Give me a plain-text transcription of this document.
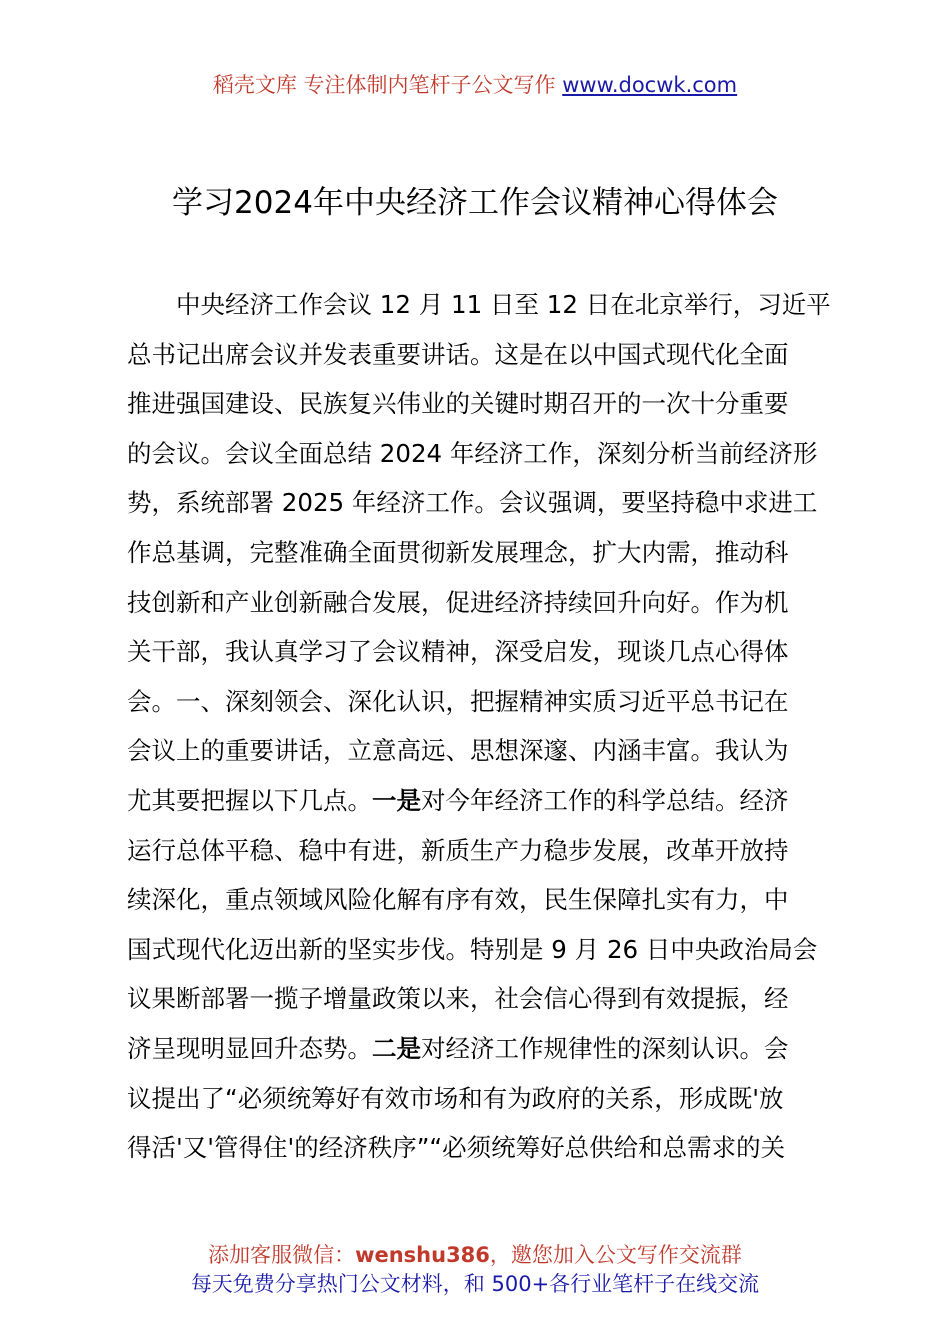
稻壳文库 专注体制内笔杆子公文写作 www.docwk.com
学习2024年中央经济工作会议精神心得体会
中央经济工作会议 12 月 11 日至 12 日在北京举行，习近平
总书记出席会议并发表重要讲话。这是在以中国式现代化全面
推进强国建设、民族复兴伟业的关键时期召开的一次十分重要
的会议。会议全面总结 2024 年经济工作，深刻分析当前经济形
势，系统部署 2025 年经济工作。会议强调，要坚持稳中求进工
作总基调，完整准确全面贯彻新发展理念，扩大内需，推动科
技创新和产业创新融合发展，促进经济持续回升向好。作为机
关干部，我认真学习了会议精神，深受启发，现谈几点心得体
会。一、深刻领会、深化认识，把握精神实质习近平总书记在
会议上的重要讲话，立意高远、思想深邃、内涵丰富。我认为
尤其要把握以下几点。一是对今年经济工作的科学总结。经济
运行总体平稳、稳中有进，新质生产力稳步发展，改革开放持
续深化，重点领域风险化解有序有效，民生保障扎实有力，中
国式现代化迈出新的坚实步伐。特别是 9 月 26 日中央政治局会
议果断部署一揽子增量政策以来，社会信心得到有效提振，经
济呈现明显回升态势。二是对经济工作规律性的深刻认识。会
议提出了“必须统筹好有效市场和有为政府的关系，形成既'放
得活'又'管得住'的经济秩序”“必须统筹好总供给和总需求的关
添加客服微信：wenshu386，邀您加入公文写作交流群
每天免费分享热门公文材料，和 500+各行业笔杆子在线交流
